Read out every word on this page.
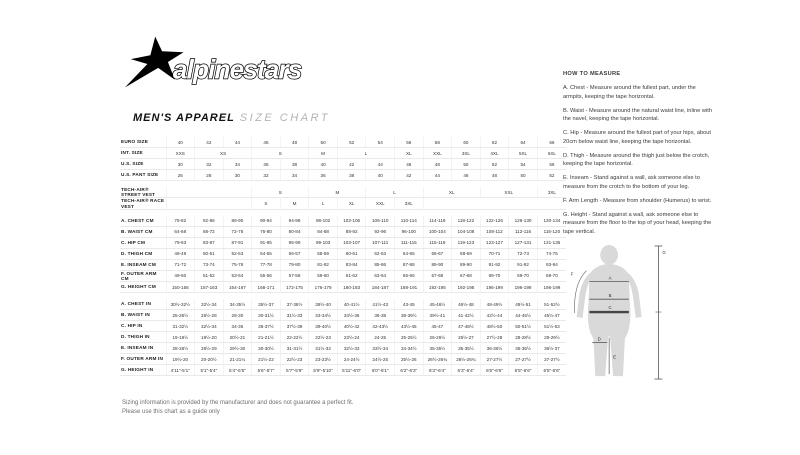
alpinestars
MEN'S APPAREL SIZE CHART
EURO SIZE	40	42	44	46	48	50	52	54	56	58	60	62	64	66
INT. SIZE	XXS	XS		S		M	L		XL	XXL	3XL	4XL	5XL	6XL
U.S. SIZE	30	32	34	36	38	40	42	44	46	48	50	52	54	56
U.S. PANT SIZE	26	28	30	32	34	36	38	40	42	44	46	48	50	52

TECH-AIR® STREET VEST				S		M		L		XL		XXL		3XL
TECH-AIR® RACE VEST				S	M	L	XL	XXL	3XL					

A. CHEST CM	78-82	82-86	86-90	90-94	94-98	98-102	102-106	106-110	110-114	114-118	118-122	122-126	126-130	130-134
B. WAIST CM	64-68	68-72	72-76	76-80	80-84	84-88	88-92	92-96	96-100	100-104	104-108	108-112	112-116	116-120
C. HIP CM	79-83	83-87	87-91	91-95	95-99	99-103	103-107	107-111	111-115	115-119	119-123	123-127	127-131	131-135
D. THIGH CM	48-49	50-51	52-53	54-55	56-57	58-59	60-61	62-63	64-65	66-67	68-69	70-71	72-73	74-75
E. INSEAM CM	71-72	73-74	75-76	77-78	79-80	81-82	83-84	85-86	87-88	89-90	89-90	91-92	91-92	93-94
F. OUTER ARM CM	49-50	51-52	53-54	55-56	57-58	59-60	61-62	63-64	65-66	67-68	67-68	69-70	69-70	69-70
G. HEIGHT CM	150-156	157-163	164-167	168-171	172-175	176-179	180-183	184-187	188-191	192-195	192-195	196-199	196-199	196-199

A. CHEST IN	30½-32½	32½-34	34-35½	35½-37	37-38½	38½-40	40-41½	41½-43	43-45	45-46½	46½-48	48-49½	49½-51	51-52½
B. WAIST IN	25-26½	26½-28	28-30	30-31½	31½-33	33-34½	34½-36	36-38	38-39½	39½-41	41-42½	42½-44	44-45½	45½-47
C. HIP IN	31-32½	32½-34	34-36	36-37½	37½-39	39-40½	40½-42	42-43½	43½-45	45-47	47-48½	48½-50	50-51½	51½-53
D. THIGH IN	19-19½	19½-20	20½-21	21-21½	22-22½	22½-23	23½-24	24-25	25-25½	26-26½	26½-27	27½-28	28-28½	29-29½
E. INSEAM IN	28-28½	28½-29	29½-30	30-30½	31-31½	31½-32	32½-33	33½-34	34-34½	35-35½	35-35½	36-36½	36-36½	36½-37
F. OUTER ARM IN	19½-20	20-20½	21-21¼	21½-22	22½-23	23-23½	24-24½	24½-25	25½-26	26½-26¾	26½-26¾	27-27½	27-27½	27-27½
G. HEIGHT IN	4'11"-5'1"	5'1"-5'4"	5'4"-5'5"	5'6"-5'7"	5'7"-5'9"	5'9"-5'10"	5'11"-6'0"	6'0"-6'1"	6'2"-6'3"	6'3"-6'4"	6'3"-6'4"	6'5"-6'6"	6'5"-6'6"	6'5"-6'6"

HOW TO MEASURE

A. Chest - Measure around the fullest part, under the armpits, keeping the tape horizontal.

B. Waist - Measure around the natural waist line, inline with the navel, keeping the tape horizontal.

C. Hip - Measure around the fullest part of your hips, about 20cm below waist line, keeping the tape horizontal.

D. Thigh - Measure around the thigh just below the crotch, keeping the tape horizontal.

E. Inseam - Stand against a wall, ask someone else to measure from the crotch to the bottom of your leg.

F. Arm Length - Measure from shoulder (Humerus) to wrist.

G. Height - Stand against a wall, ask someone else to measure from the floor to the top of your head, keeping the tape vertical.

A
B
C
D
E
F
G
Sizing information is provided by the manufacturer and does not guarantee a perfect fit.
Please use this chart as a guide only
